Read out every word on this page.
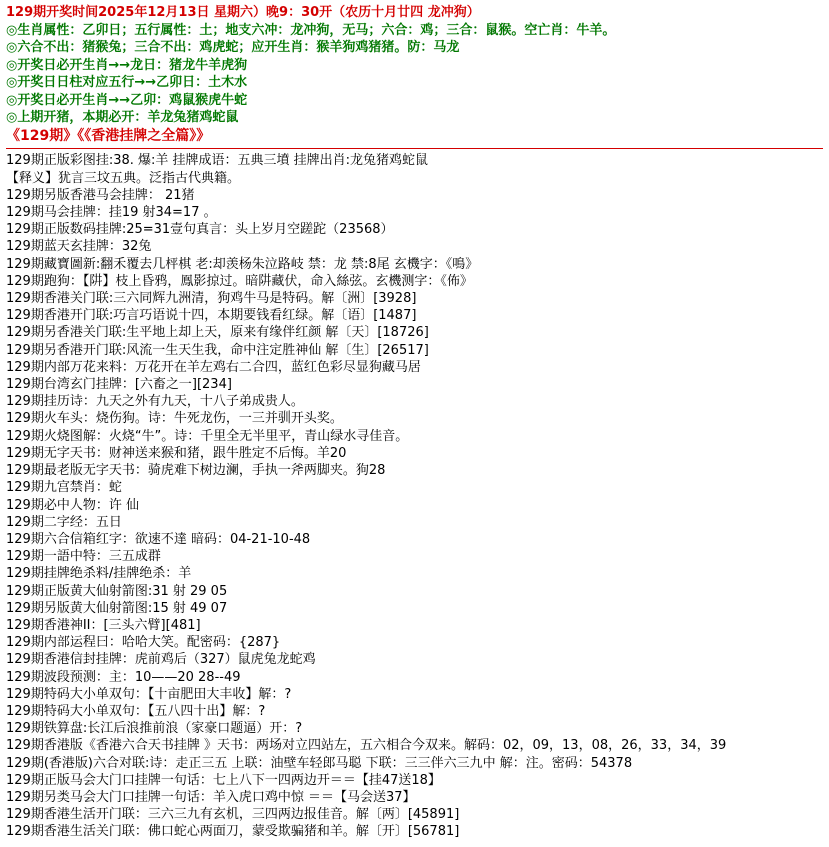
129期开奖时间2025年12月13日 星期六）晚9：30开（农历十月廿四 龙冲狗）
◎生肖属性：乙卯日；五行属性：土；地支六冲：龙冲狗，无马；六合：鸡；三合：鼠猴。空亡肖：牛羊。
◎六合不出：猪猴兔；三合不出：鸡虎蛇；应开生肖：猴羊狗鸡猪猪。防：马龙
◎开奖日必开生肖→→龙日：猪龙牛羊虎狗
◎开奖日日柱对应五行→→乙卯日：土木水
◎开奖日必开生肖→→乙卯：鸡鼠猴虎牛蛇
◎上期开猪，本期必开：羊龙兔猪鸡蛇鼠
《129期》《《香港挂牌之全篇》》
129期正版彩图挂:38. 爆:羊 挂牌成语：五典三墳 挂牌出肖:龙兔猪鸡蛇鼠
【释义】犹言三坟五典。泛指古代典籍。
129期另版香港马会挂牌： 21猪
129期马会挂牌：挂19 射34=17 。
129期正版数码挂牌:25=31壹句真言：头上岁月空蹉跎（23568）
129期蓝天玄挂牌：32兔
129期藏寶圖新:翻禾覆去几枰棋 老:却羡杨朱泣路岐 禁：龙 禁:8尾 玄機字：《鳴》
129期跑狗：【阱】枝上昏鸦，鳯影掠过。暗阱藏伏，命入絲弦。玄機测字：《佈》
129期香港关门联:三六同辉九洲清，狗鸡牛马是特码。解〔洲〕[3928]
129期香港开门联:巧言巧语说十四，本期要钱看红绿。解〔语〕[1487]
129期另香港关门联:生平地上却上天，原来有缘伴红颜 解〔天〕[18726]
129期另香港开门联:风流一生天生我，命中注定胜神仙 解〔生〕[26517]
129期内部万花来料：万花开在羊左鸡右二合四，蓝红色彩尽显狗藏马居
129期台湾玄门挂牌：[六畜之一][234]
129期挂历诗：九天之外有九天，十八子弟成贵人。
129期火车头：烧伤狗。诗：牛死龙伤，一三并驯开头奖。
129期火烧图解：火烧“牛”。诗：千里全无半里平，青山绿水寻佳音。
129期无字天书：财神送来猴和猪，跟牛胜定不后悔。羊20
129期最老版无字天书：骑虎难下树边澜，手执一斧两脚夹。狗28
129期九宫禁肖：蛇
129期必中人物：许 仙
129期二字经：五日
129期六合信箱红字：欲速不達 暗码：04-21-10-48
129期一語中特：三五成群
129期挂牌绝杀料/挂牌绝杀：羊
129期正版黄大仙射箭图:31 射 29 05
129期另版黄大仙射箭图:15 射 49 07
129期香港神II：[三头六臂][481]
129期内部运程曰：哈哈大笑。配密码：{287}
129期香港信封挂牌：虎前鸡后（327）鼠虎兔龙蛇鸡
129期波段预测：主：10——20 28--49
129期特码大小单双句：【十亩肥田大丰收】解：?
129期特码大小单双句：【五八四十出】解：?
129期铁算盘:长江后浪推前浪（家豪口题逼）开：?
129期香港版《香港六合天书挂牌 》天书：两场对立四站左，五六相合今双来。解码：02，09，13，08，26，33，34，39
129期(香港版)六合对联:诗：走正三五 上联：油壁车轻郎马聪 下联：三三伴六三九中 解：注。密码：54378
129期正版马会大门口挂牌一句话：七上八下一四两边开＝＝【挂47送18】
129期另类马会大门口挂牌一句话：羊入虎口鸡中惊 ＝＝【马会送37】
129期香港生活开门联：三六三九有玄机，三四两边报佳音。解〔两〕[45891]
129期香港生活关门联：佛口蛇心两面刀，蒙受欺骗猪和羊。解〔开〕[56781]
